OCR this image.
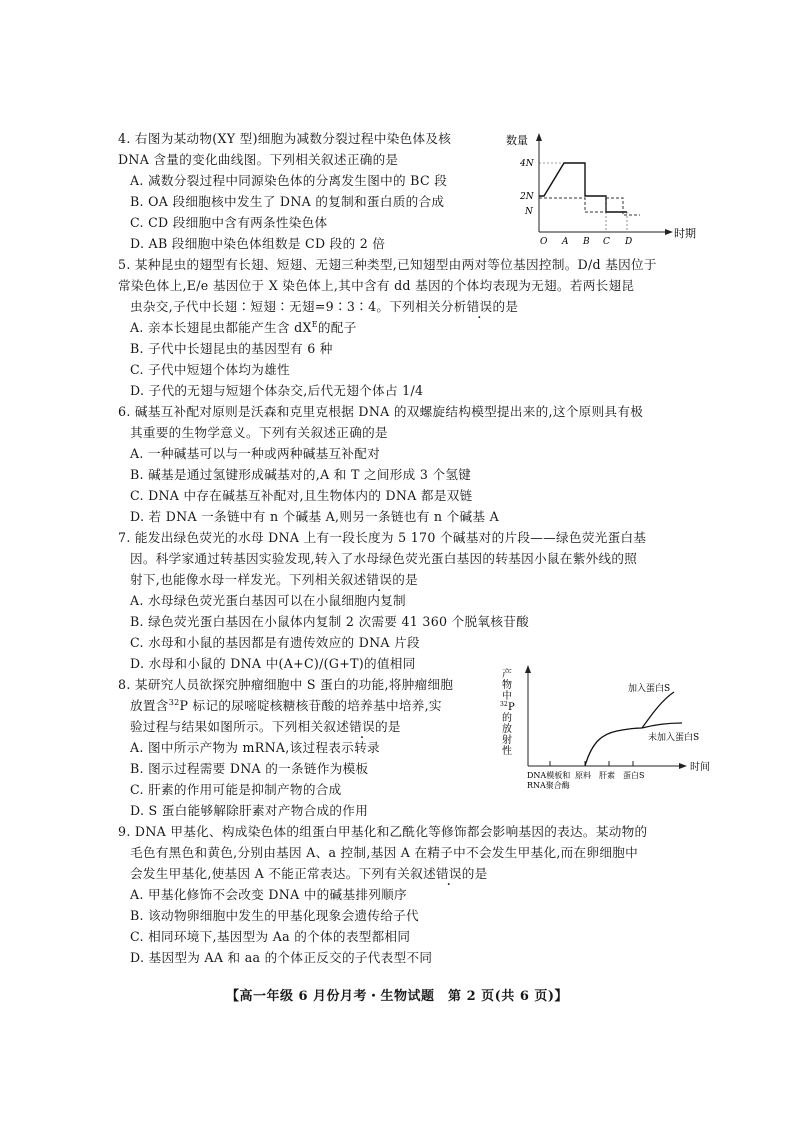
4. 右图为某动物(XY 型)细胞为减数分裂过程中染色体及核
DNA 含量的变化曲线图。下列相关叙述正确的是
A. 减数分裂过程中同源染色体的分离发生图中的 BC 段
B. OA 段细胞核中发生了 DNA 的复制和蛋白质的合成
C. CD 段细胞中含有两条性染色体
D. AB 段细胞中染色体组数是 CD 段的 2 倍
数量
时期
4N
2N
N
O A B C D
5. 某种昆虫的翅型有长翅、短翅、无翅三种类型,已知翅型由两对等位基因控制。D/d 基因位于
常染色体上,E/e 基因位于 X 染色体上,其中含有 dd 基因的个体均表现为无翅。若两长翅昆
虫杂交,子代中长翅∶短翅∶无翅=9∶3∶4。下列相关分析错误的是
A. 亲本长翅昆虫都能产生含 $dX^E$的配子
B. 子代中长翅昆虫的基因型有 6 种
C. 子代中短翅个体均为雄性
D. 子代的无翅与短翅个体杂交,后代无翅个体占 1/4
6. 碱基互补配对原则是沃森和克里克根据 DNA 的双螺旋结构模型提出来的,这个原则具有极
其重要的生物学意义。下列有关叙述正确的是
A. 一种碱基可以与一种或两种碱基互补配对
B. 碱基是通过氢键形成碱基对的,A 和 T 之间形成 3 个氢键
C. DNA 中存在碱基互补配对,且生物体内的 DNA 都是双链
D. 若 DNA 一条链中有 n 个碱基 A,则另一条链也有 n 个碱基 A
7. 能发出绿色荧光的水母 DNA 上有一段长度为 5 170 个碱基对的片段——绿色荧光蛋白基
因。科学家通过转基因实验发现,转入了水母绿色荧光蛋白基因的转基因小鼠在紫外线的照
射下,也能像水母一样发光。下列相关叙述错误的是
A. 水母绿色荧光蛋白基因可以在小鼠细胞内复制
B. 绿色荧光蛋白基因在小鼠体内复制 2 次需要 41 360 个脱氧核苷酸
C. 水母和小鼠的基因都是有遗传效应的 DNA 片段
D. 水母和小鼠的 DNA 中(A+C)/(G+T)的值相同
8. 某研究人员欲探究肿瘤细胞中 S 蛋白的功能,将肿瘤细胞
放置含$^{32}$P 标记的尿嘧啶核糖核苷酸的培养基中培养,实
验过程与结果如图所示。下列相关叙述错误的是
A. 图中所示产物为 mRNA,该过程表示转录
B. 图示过程需要 DNA 的一条链作为模板
C. 肝素的作用可能是抑制产物的合成
D. S 蛋白能够解除肝素对产物合成的作用
产
物
中
32 P
的
放
射
性
时间
DNA模板和
RNA聚合酶
原料 肝素 蛋白S
加入蛋白S
未加入蛋白S
9. DNA 甲基化、构成染色体的组蛋白甲基化和乙酰化等修饰都会影响基因的表达。某动物的
毛色有黑色和黄色,分别由基因 A、a 控制,基因 A 在精子中不会发生甲基化,而在卵细胞中
会发生甲基化,使基因 A 不能正常表达。下列有关叙述错误的是
A. 甲基化修饰不会改变 DNA 中的碱基排列顺序
B. 该动物卵细胞中发生的甲基化现象会遗传给子代
C. 相同环境下,基因型为 Aa 的个体的表型都相同
D. 基因型为 AA 和 aa 的个体正反交的子代表型不同
【高一年级 6 月份月考・生物试题　第 2 页(共 6 页)】
